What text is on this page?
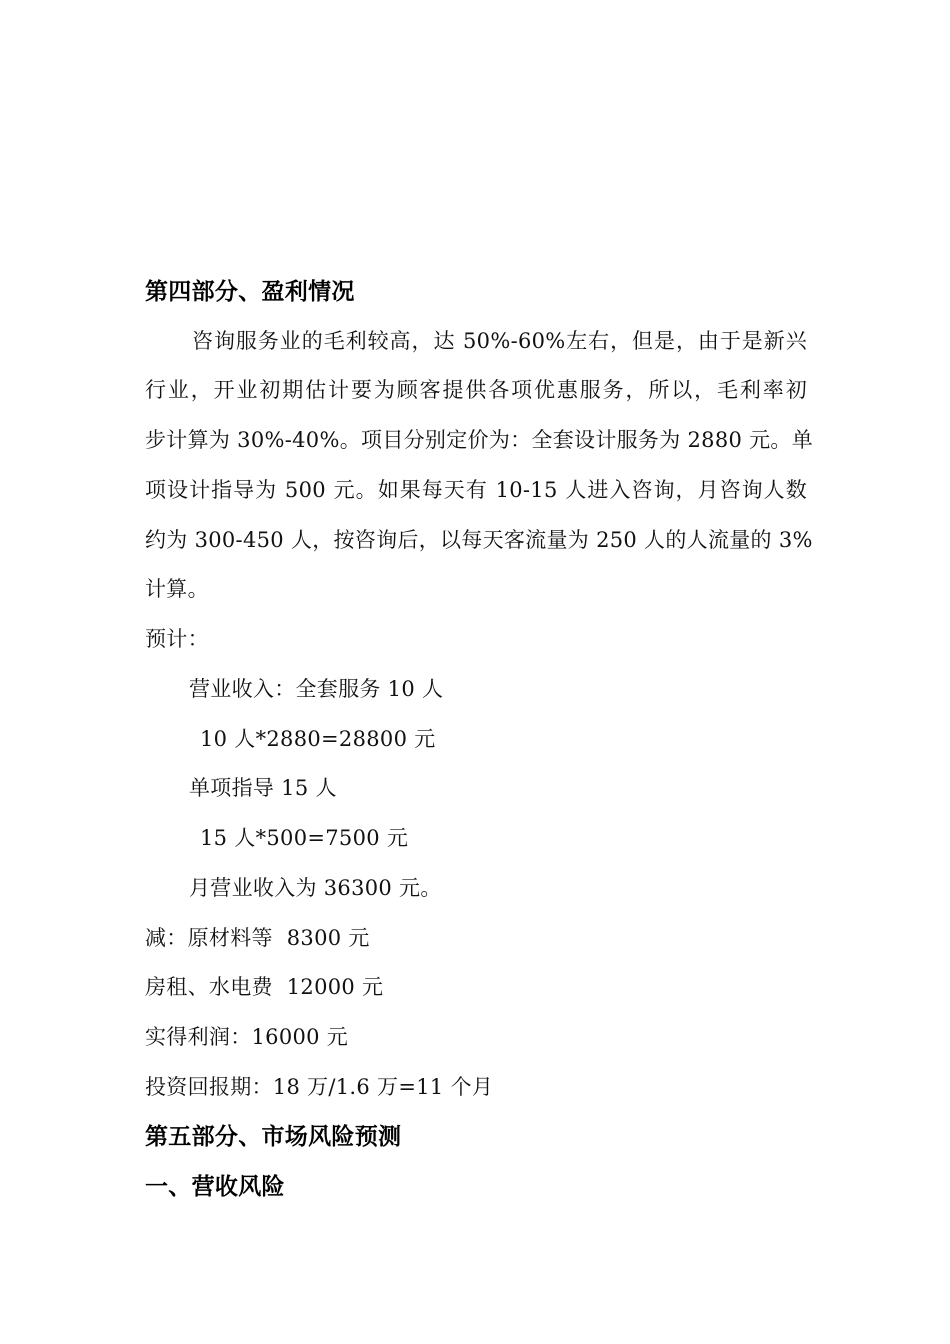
第四部分、盈利情况
咨询服务业的毛利较高，达 50%-60%左右，但是，由于是新兴
行业，开业初期估计要为顾客提供各项优惠服务，所以，毛利率初
步计算为 30%-40%。项目分别定价为：全套设计服务为 2880 元。单
项设计指导为 500 元。如果每天有 10-15 人进入咨询，月咨询人数
约为 300-450 人，按咨询后，以每天客流量为 250 人的人流量的 3%
计算。
预计：
营业收入：全套服务 10 人
10 人*2880=28800 元
单项指导 15 人
15 人*500=7500 元
月营业收入为 36300 元。
减：原材料等  8300 元
房租、水电费  12000 元
实得利润：16000 元
投资回报期：18 万/1.6 万=11 个月
第五部分、市场风险预测
一、营收风险
